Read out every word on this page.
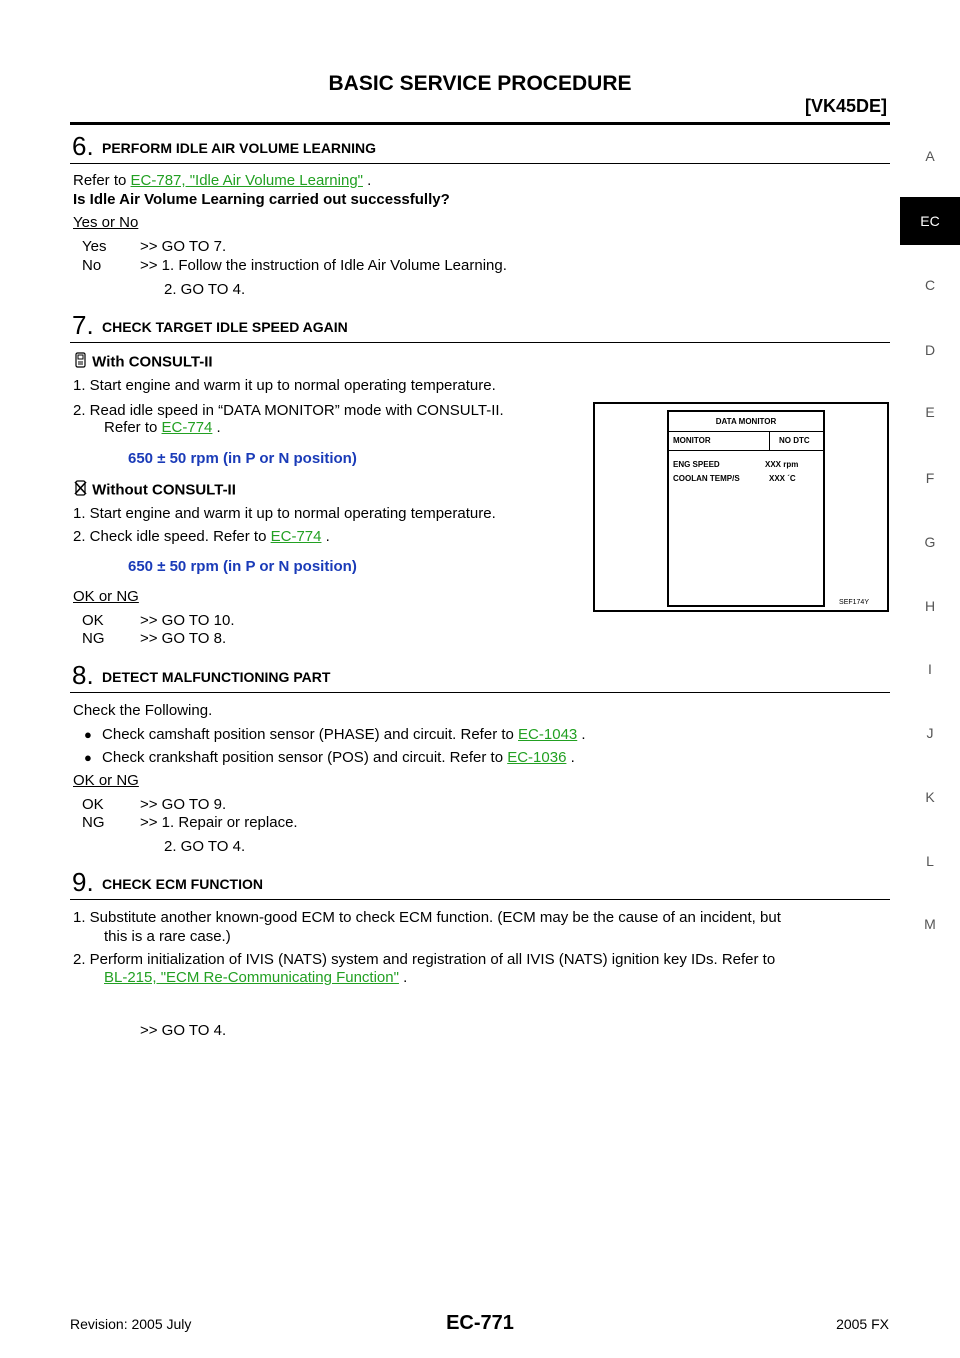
BASIC SERVICE PROCEDURE
[VK45DE]
A
EC
C
D
E
F
G
H
I
J
K
L
M
6. PERFORM IDLE AIR VOLUME LEARNING
Refer to EC-787, "Idle Air Volume Learning" .
Is Idle Air Volume Learning carried out successfully?
Yes or No
Yes >> GO TO 7.
No	>> 1. Follow the instruction of Idle Air Volume Learning.
2. GO TO 4.
7. CHECK TARGET IDLE SPEED AGAIN
With CONSULT-II
1. Start engine and warm it up to normal operating temperature.
2. Read idle speed in “DATA MONITOR” mode with CONSULT-II.
Refer to EC-774 .
650 ± 50 rpm (in P or N position)
Without CONSULT-II
1. Start engine and warm it up to normal operating temperature.
2. Check idle speed. Refer to EC-774 .
650 ± 50 rpm (in P or N position)
OK or NG
OK >> GO TO 10.
NG >> GO TO 8.
DATA MONITOR
MONITOR	NO DTC
ENG SPEED	XXX rpm
COOLAN TEMP/S	XXX ´C
SEF174Y
8. DETECT MALFUNCTIONING PART
Check the Following.
● Check camshaft position sensor (PHASE) and circuit. Refer to EC-1043 .
● Check crankshaft position sensor (POS) and circuit. Refer to EC-1036 .
OK or NG
OK >> GO TO 9.
NG >> 1. Repair or replace.
2. GO TO 4.
9. CHECK ECM FUNCTION
1. Substitute another known-good ECM to check ECM function. (ECM may be the cause of an incident, but
this is a rare case.)
2. Perform initialization of IVIS (NATS) system and registration of all IVIS (NATS) ignition key IDs. Refer to
BL-215, "ECM Re-Communicating Function" .
>> GO TO 4.
Revision: 2005 July	EC-771	2005 FX
